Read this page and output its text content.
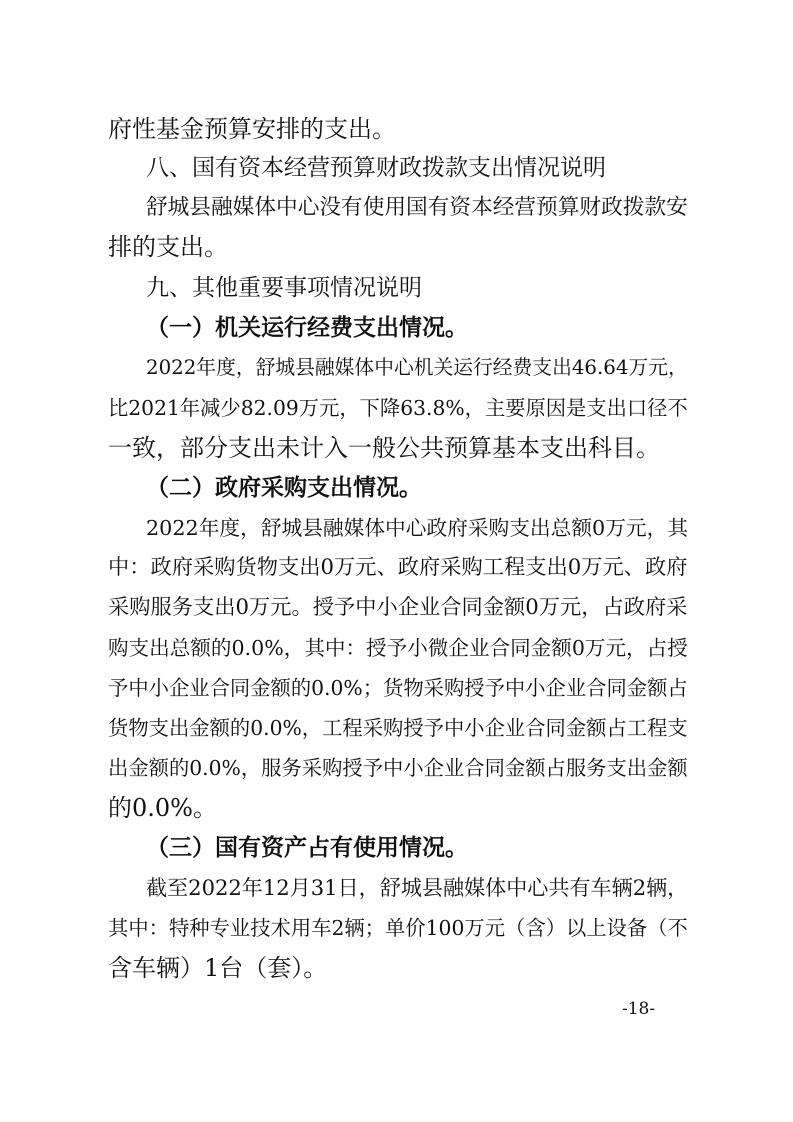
府性基金预算安排的支出。
八、国有资本经营预算财政拨款支出情况说明
舒城县融媒体中心没有使用国有资本经营预算财政拨款安
排的支出。
九、其他重要事项情况说明
（一）机关运行经费支出情况。
2022年度，舒城县融媒体中心机关运行经费支出46.64万元，
比2021年减少82.09万元，下降63.8%，主要原因是支出口径不
一致，部分支出未计入一般公共预算基本支出科目。
（二）政府采购支出情况。
2022年度，舒城县融媒体中心政府采购支出总额0万元，其
中：政府采购货物支出0万元、政府采购工程支出0万元、政府
采购服务支出0万元。授予中小企业合同金额0万元，占政府采
购支出总额的0.0%，其中：授予小微企业合同金额0万元，占授
予中小企业合同金额的0.0%；货物采购授予中小企业合同金额占
货物支出金额的0.0%，工程采购授予中小企业合同金额占工程支
出金额的0.0%，服务采购授予中小企业合同金额占服务支出金额
的0.0%。
（三）国有资产占有使用情况。
截至2022年12月31日，舒城县融媒体中心共有车辆2辆，
其中：特种专业技术用车2辆；单价100万元（含）以上设备（不
含车辆）1台（套）。
-18-
